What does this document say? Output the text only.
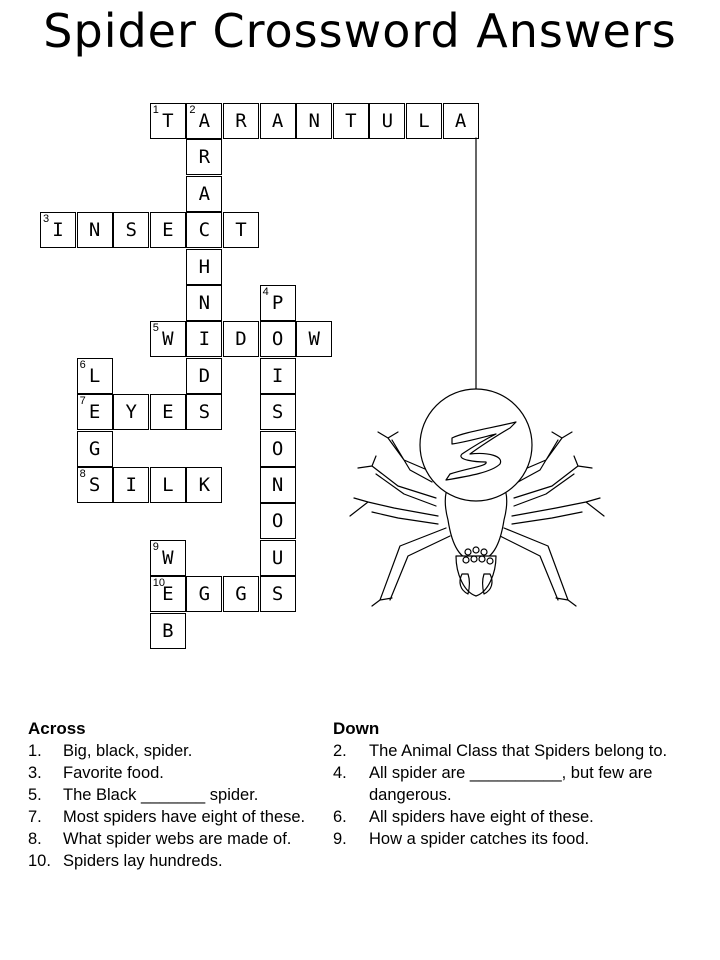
Spider Crossword Answers
1 T	2 A	R	A	N	T	U	L	A
R
A
3 I	N	S	E	C	T
H
N	4 P
5 W	I	D	O	W
6 L	D	I
7 E	Y	E	S	S
G	O
8 S	I	L	K	N
O
9 W	U
10
E	G	G	S
B
Across
1. Big, black, spider.
3. Favorite food.
5. The Black _______ spider.
7. Most spiders have eight of these.
8. What spider webs are made of.
10. Spiders lay hundreds.
Down
2. The Animal Class that Spiders belong to.
4. All spider are __________, but few are dangerous.
6. All spiders have eight of these.
9. How a spider catches its food.
